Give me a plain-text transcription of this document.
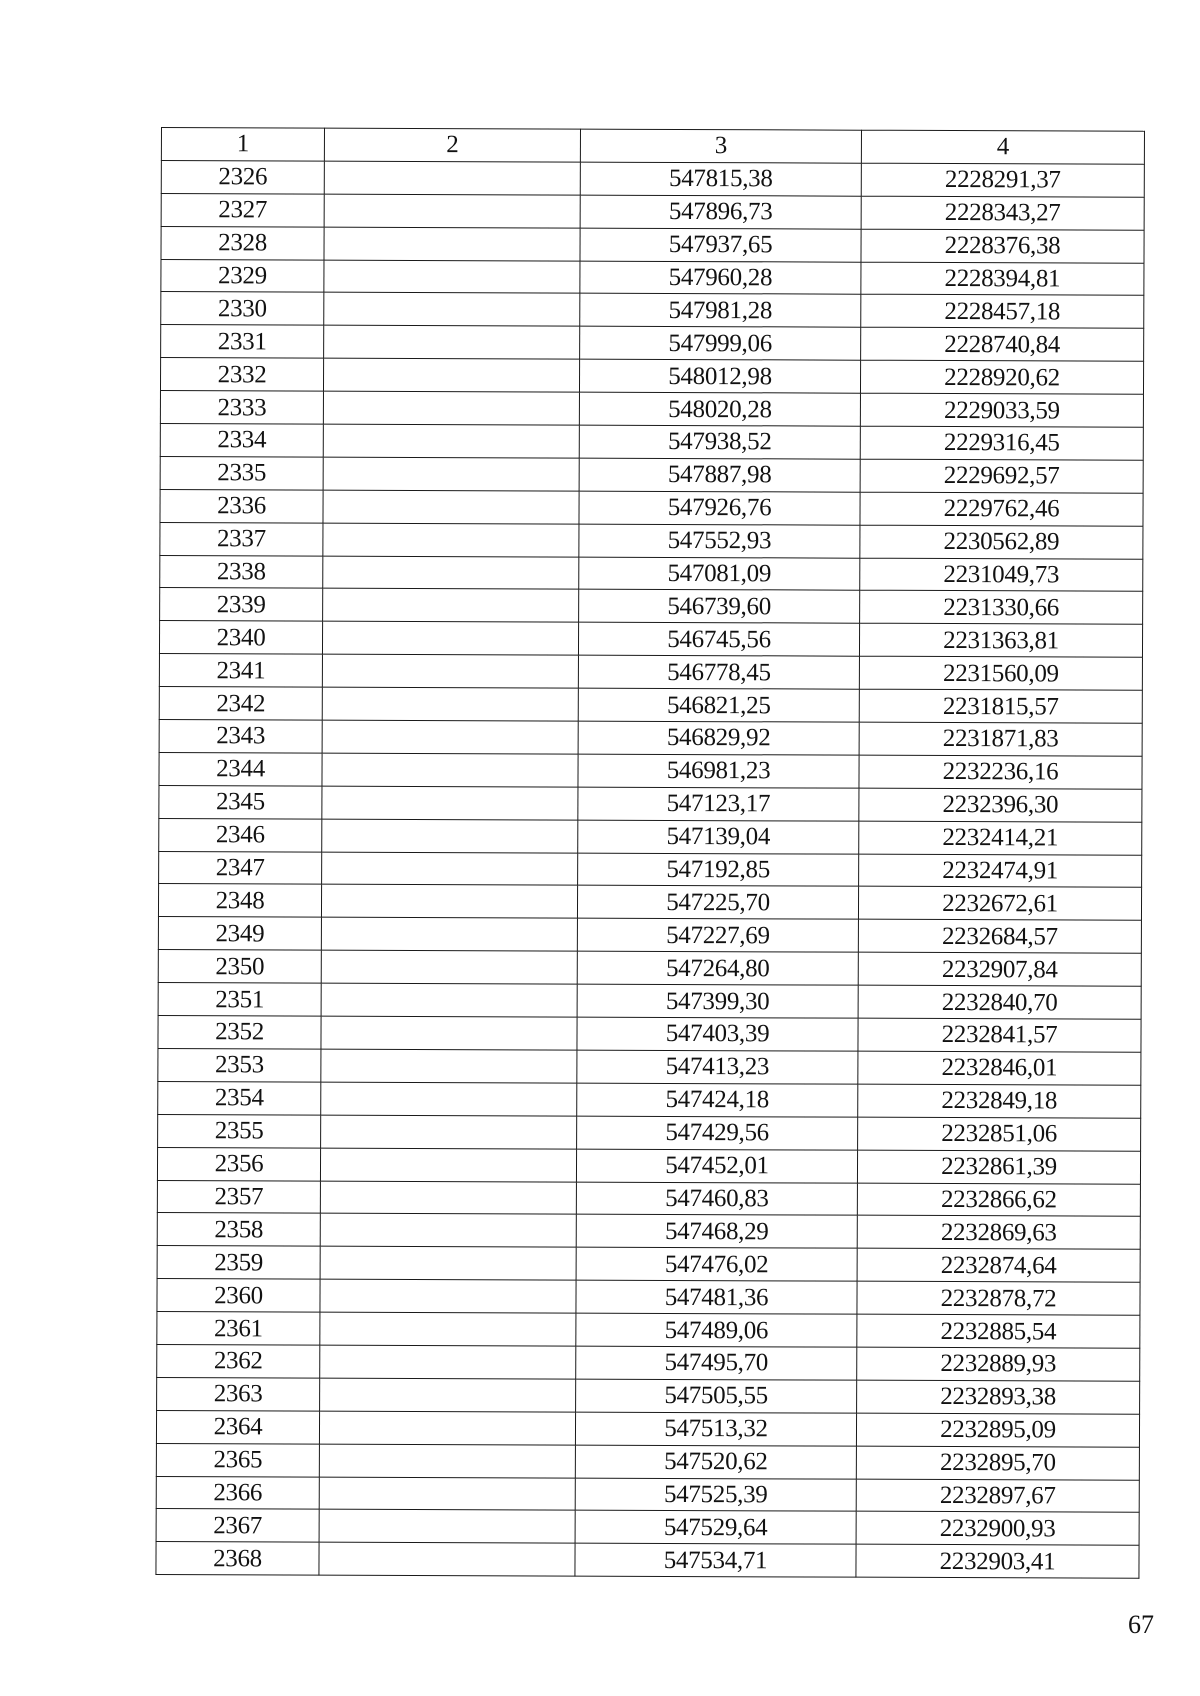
1	2	3	4
2326		547815,38	2228291,37
2327		547896,73	2228343,27
2328		547937,65	2228376,38
2329		547960,28	2228394,81
2330		547981,28	2228457,18
2331		547999,06	2228740,84
2332		548012,98	2228920,62
2333		548020,28	2229033,59
2334		547938,52	2229316,45
2335		547887,98	2229692,57
2336		547926,76	2229762,46
2337		547552,93	2230562,89
2338		547081,09	2231049,73
2339		546739,60	2231330,66
2340		546745,56	2231363,81
2341		546778,45	2231560,09
2342		546821,25	2231815,57
2343		546829,92	2231871,83
2344		546981,23	2232236,16
2345		547123,17	2232396,30
2346		547139,04	2232414,21
2347		547192,85	2232474,91
2348		547225,70	2232672,61
2349		547227,69	2232684,57
2350		547264,80	2232907,84
2351		547399,30	2232840,70
2352		547403,39	2232841,57
2353		547413,23	2232846,01
2354		547424,18	2232849,18
2355		547429,56	2232851,06
2356		547452,01	2232861,39
2357		547460,83	2232866,62
2358		547468,29	2232869,63
2359		547476,02	2232874,64
2360		547481,36	2232878,72
2361		547489,06	2232885,54
2362		547495,70	2232889,93
2363		547505,55	2232893,38
2364		547513,32	2232895,09
2365		547520,62	2232895,70
2366		547525,39	2232897,67
2367		547529,64	2232900,93
2368		547534,71	2232903,41
67
